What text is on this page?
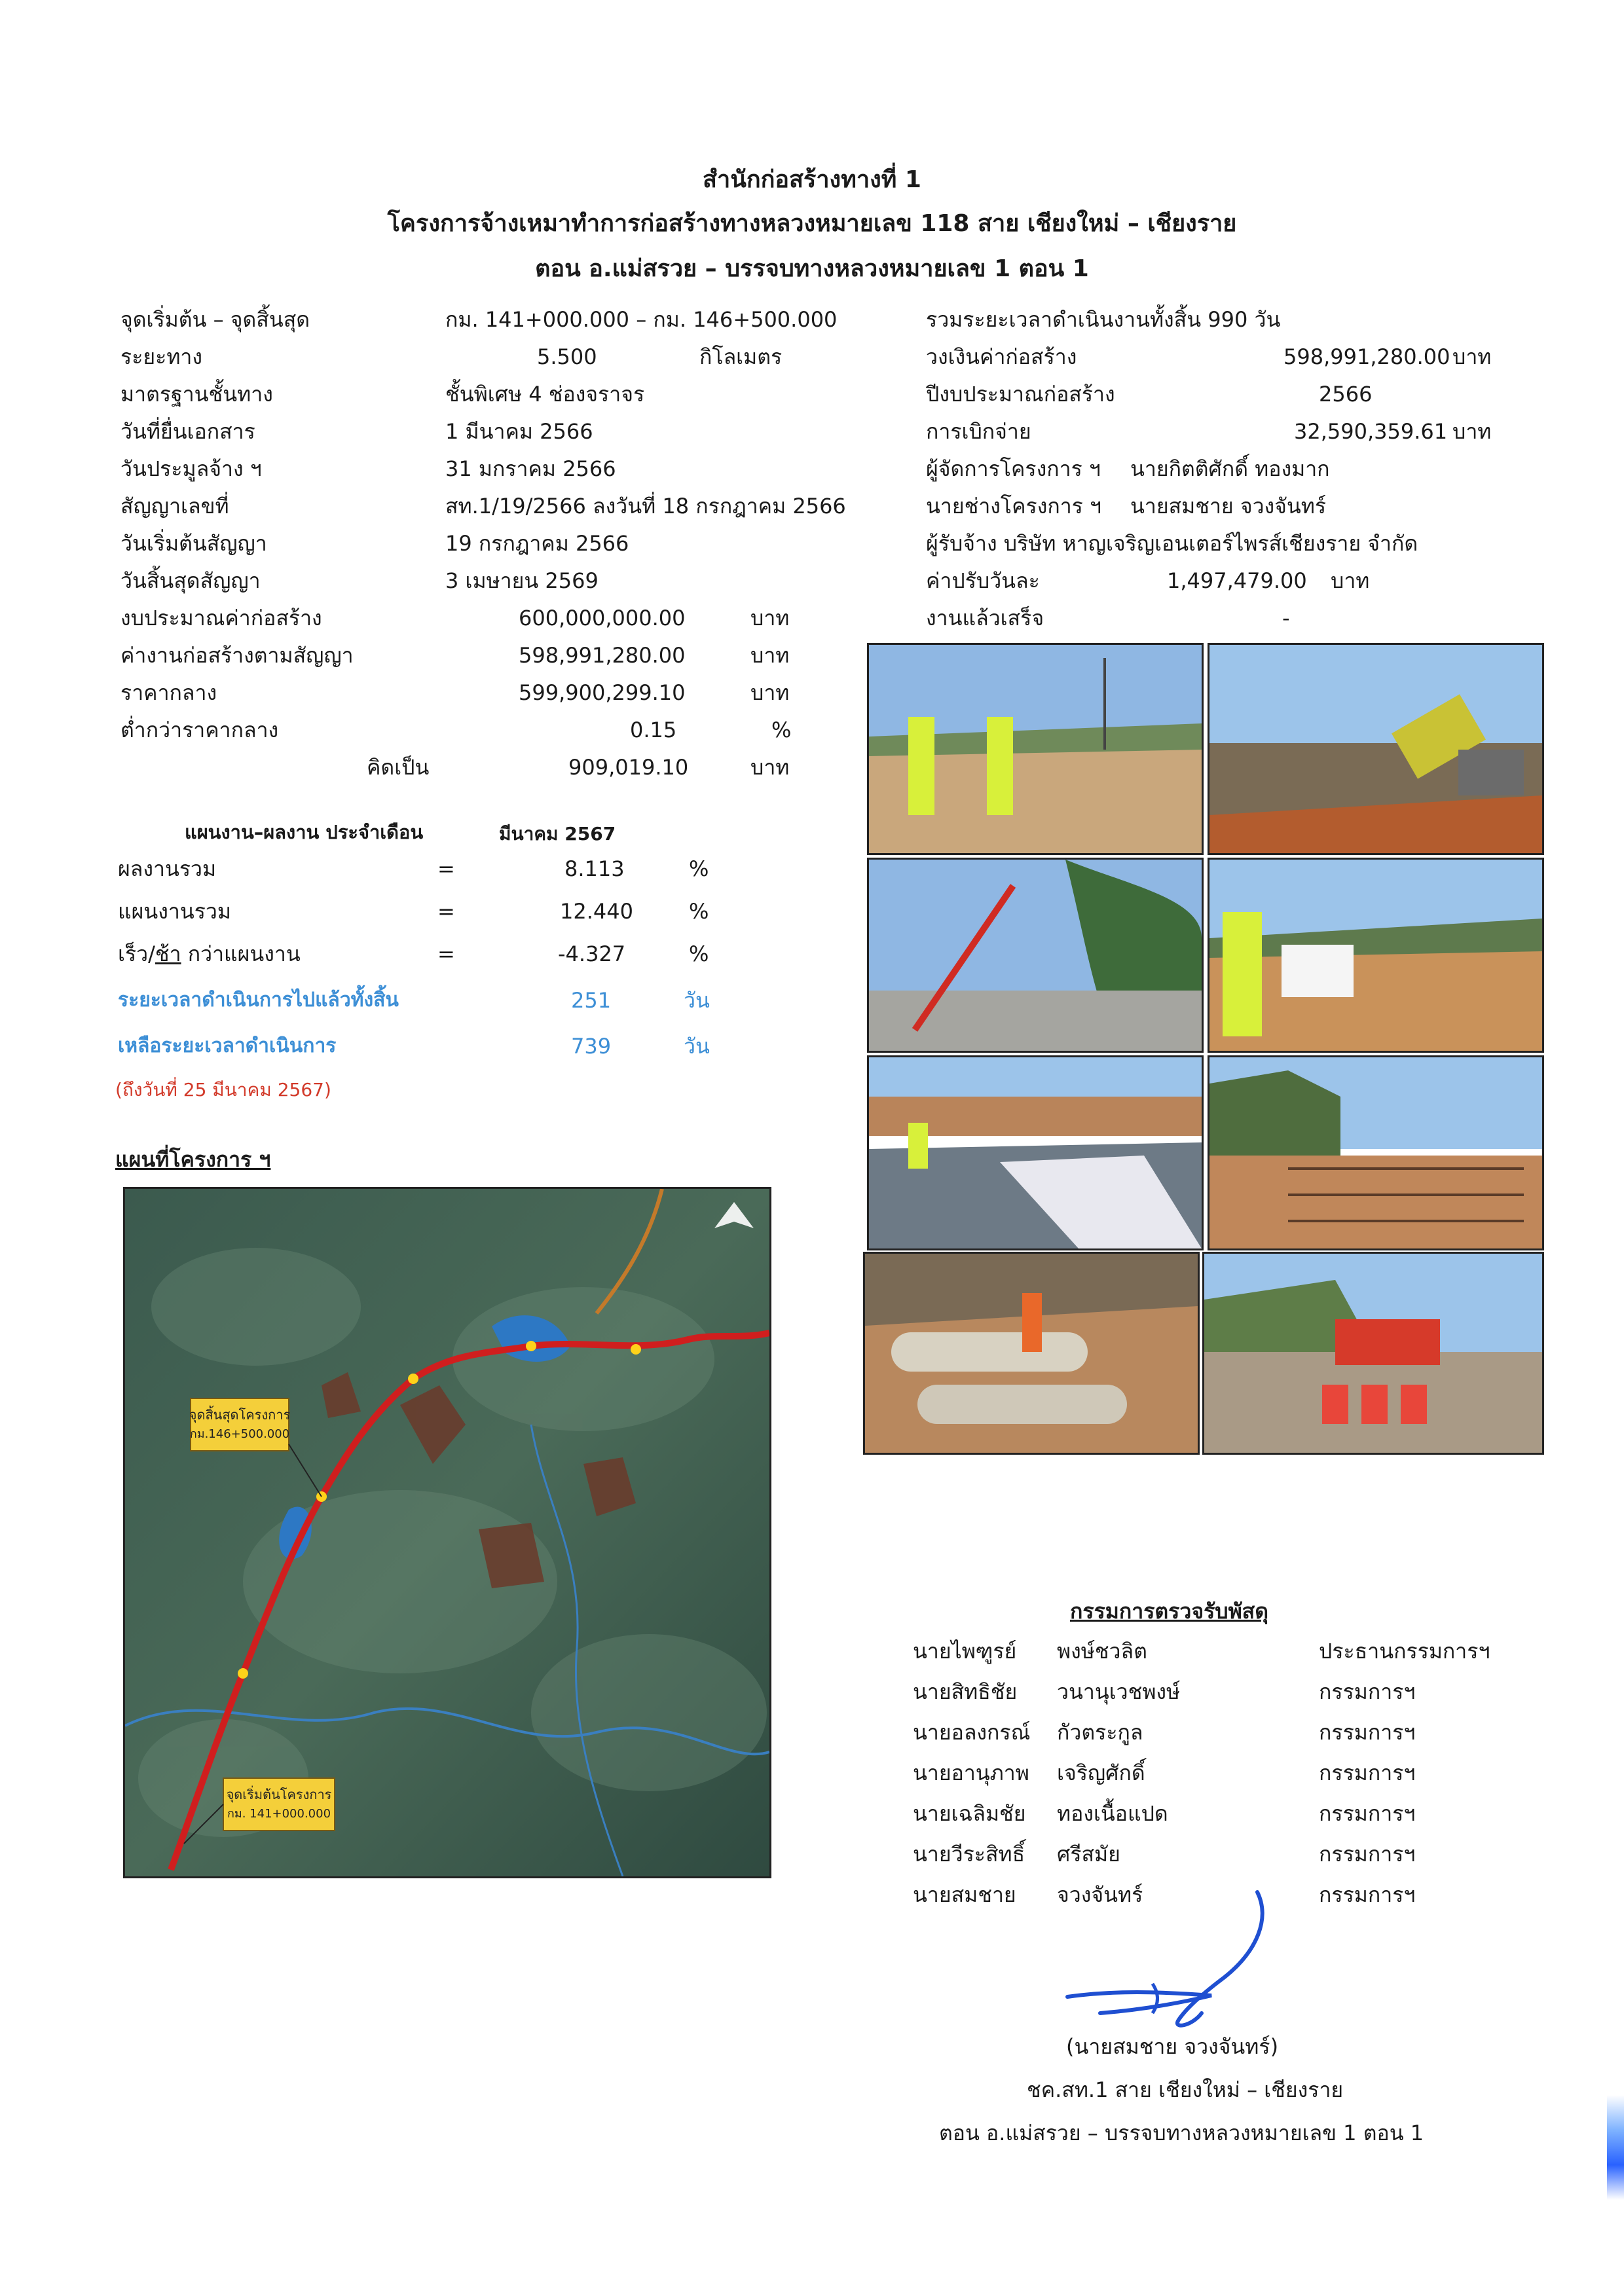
สำนักก่อสร้างทางที่ 1
โครงการจ้างเหมาทำการก่อสร้างทางหลวงหมายเลข 118 สาย เชียงใหม่ – เชียงราย
ตอน อ.แม่สรวย – บรรจบทางหลวงหมายเลข 1 ตอน 1
จุดเริ่มต้น – จุดสิ้นสุด	กม. 141+000.000 – กม. 146+500.000
ระยะทาง	5.500	กิโลเมตร
มาตรฐานชั้นทาง	ชั้นพิเศษ 4 ช่องจราจร
วันที่ยื่นเอกสาร	1 มีนาคม 2566
วันประมูลจ้าง ฯ	31 มกราคม 2566
สัญญาเลขที่	สท.1/19/2566 ลงวันที่ 18 กรกฎาคม 2566
วันเริ่มต้นสัญญา	19 กรกฎาคม 2566
วันสิ้นสุดสัญญา	3 เมษายน 2569
งบประมาณค่าก่อสร้าง	600,000,000.00	บาท
ค่างานก่อสร้างตามสัญญา	598,991,280.00	บาท
ราคากลาง	599,900,299.10	บาท
ต่ำกว่าราคากลาง	0.15	%
คิดเป็น	909,019.10	บาท
รวมระยะเวลาดำเนินงานทั้งสิ้น 990 วัน
วงเงินค่าก่อสร้าง	598,991,280.00 บาท
ปีงบประมาณก่อสร้าง	2566
การเบิกจ่าย	32,590,359.61 บาท
ผู้จัดการโครงการ ฯ นายกิตติศักดิ์ ทองมาก
นายช่างโครงการ ฯ นายสมชาย จวงจันทร์
ผู้รับจ้าง บริษัท หาญเจริญเอนเตอร์ไพรส์เชียงราย จำกัด
ค่าปรับวันละ	1,497,479.00 บาท
งานแล้วเสร็จ	-
แผนงาน–ผลงาน ประจำเดือน	มีนาคม 2567
ผลงานรวม	=	8.113	%
แผนงานรวม	=	12.440	%
เร็ว/ช้า กว่าแผนงาน	=	-4.327	%
ระยะเวลาดำเนินการไปแล้วทั้งสิ้น	251	วัน
เหลือระยะเวลาดำเนินการ	739	วัน
(ถึงวันที่ 25 มีนาคม 2567)
แผนที่โครงการ ฯ
จุดสิ้นสุดโครงการ
กม.146+500.000
จุดเริ่มต้นโครงการ
กม. 141+000.000
กรรมการตรวจรับพัสดุ
นายไพฑูรย์ พงษ์ชวลิต	ประธานกรรมการฯ
นายสิทธิชัย วนานุเวชพงษ์	กรรมการฯ
นายอลงกรณ์ กัวตระกูล	กรรมการฯ
นายอานุภาพ เจริญศักดิ์	กรรมการฯ
นายเฉลิมชัย ทองเนื้อแปด	กรรมการฯ
นายวีระสิทธิ์ ศรีสมัย	กรรมการฯ
นายสมชาย จวงจันทร์	กรรมการฯ
(นายสมชาย จวงจันทร์)
ชค.สท.1 สาย เชียงใหม่ – เชียงราย
ตอน อ.แม่สรวย – บรรจบทางหลวงหมายเลข 1 ตอน 1
